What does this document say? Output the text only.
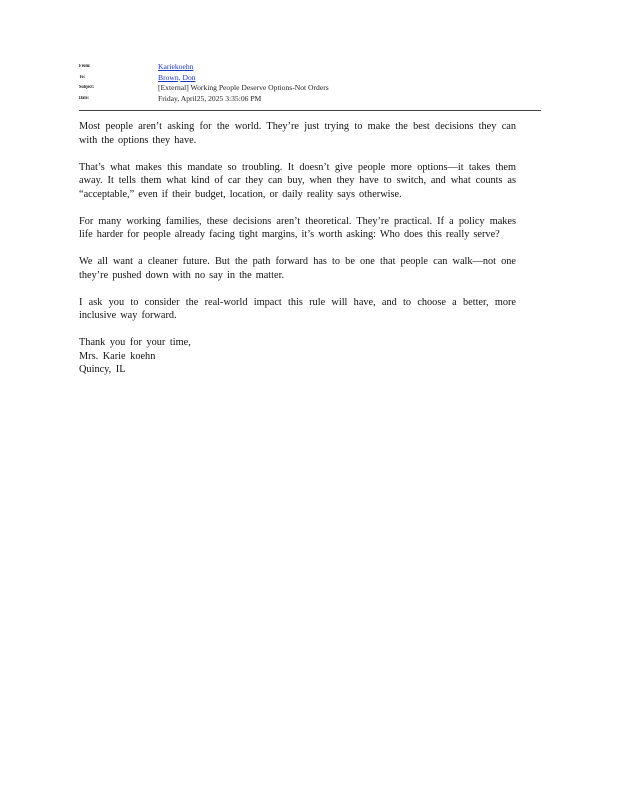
From:	Kariekoehn
To:	Brown, Don
Subject:	[External] Working People Deserve Options-Not Orders
Date:	Friday, April25, 2025 3:35:06 PM

Most people aren’t asking for the world. They’re just trying to make the best decisions they can with the options they have.

That’s what makes this mandate so troubling. It doesn’t give people more options—it takes them away. It tells them what kind of car they can buy, when they have to switch, and what counts as “acceptable,” even if their budget, location, or daily reality says otherwise.

For many working families, these decisions aren’t theoretical. They’re practical. If a policy makes life harder for people already facing tight margins, it’s worth asking: Who does this really serve?

We all want a cleaner future. But the path forward has to be one that people can walk—not one they’re pushed down with no say in the matter.

I ask you to consider the real-world impact this rule will have, and to choose a better, more inclusive way forward.

Thank you for your time,
Mrs. Karie koehn
Quincy, IL
